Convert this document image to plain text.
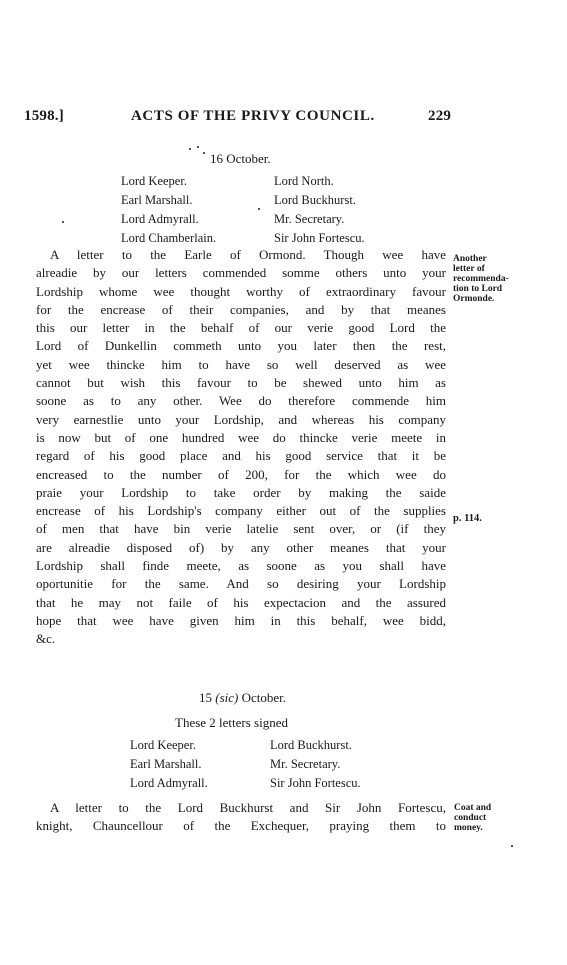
1598.]	ACTS OF THE PRIVY COUNCIL.	229
16 October.
Lord Keeper.
Earl Marshall.
Lord Admyrall.
Lord Chamberlain.
Lord North.
Lord Buckhurst.
Mr. Secretary.
Sir John Fortescu.
A letter to the Earle of Ormond. Though wee have
alreadie by our letters commended somme others unto your
Lordship whome wee thought worthy of extraordinary favour
for the encrease of their companies, and by that meanes
this our letter in the behalf of our verie good Lord the
Lord of Dunkellin commeth unto you later then the rest,
yet wee thincke him to have so well deserved as wee
cannot but wish this favour to be shewed unto him as
soone as to any other. Wee do therefore commende him
very earnestlie unto your Lordship, and whereas his company
is now but of one hundred wee do thincke verie meete in
regard of his good place and his good service that it be
encreased to the number of 200, for the which wee do
praie your Lordship to take order by making the saide
encrease of his Lordship's company either out of the supplies
of men that have bin verie latelie sent over, or (if they
are alreadie disposed of) by any other meanes that your
Lordship shall finde meete, as soone as you shall have
oportunitie for the same. And so desiring your Lordship
that he may not faile of his expectacion and the assured
hope that wee have given him in this behalf, wee bidd,
&c.
Another
letter of
recommenda-
tion to Lord
Ormonde.
p. 114.
15 (sic) October.
These 2 letters signed
Lord Keeper.
Earl Marshall.
Lord Admyrall.
Lord Buckhurst.
Mr. Secretary.
Sir John Fortescu.
A letter to the Lord Buckhurst and Sir John Fortescu,
knight, Chauncellour of the Exchequer, praying them to
Coat and
conduct
money.
